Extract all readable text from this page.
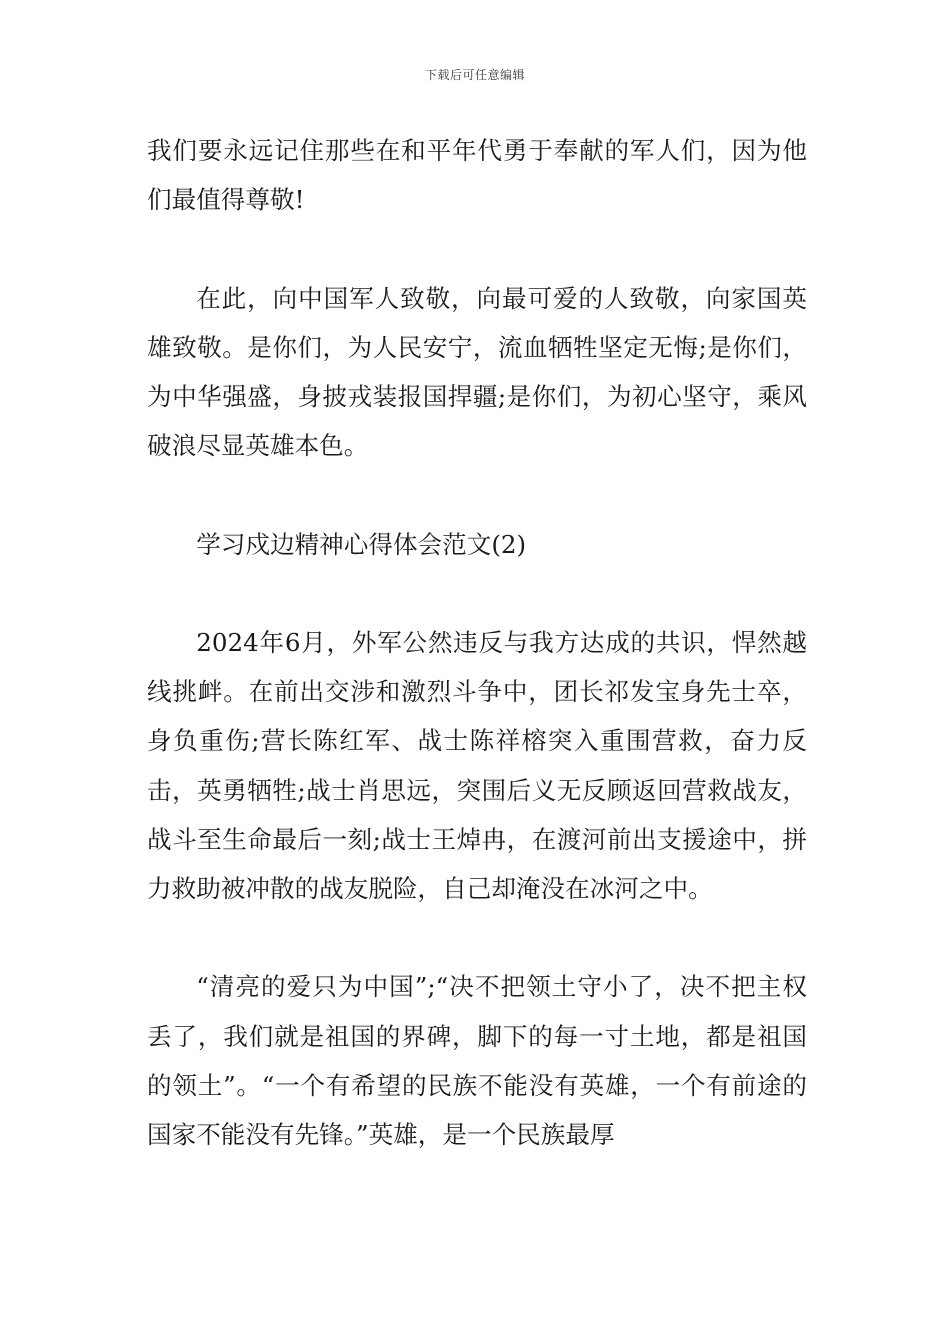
下载后可任意编辑

我们要永远记住那些在和平年代勇于奉献的军人们，因为他们最值得尊敬!

在此，向中国军人致敬，向最可爱的人致敬，向家国英雄致敬。是你们，为人民安宁，流血牺牲坚定无悔;是你们，为中华强盛，身披戎装报国捍疆;是你们，为初心坚守，乘风破浪尽显英雄本色。

学习戍边精神心得体会范文(2)

2024年6月，外军公然违反与我方达成的共识，悍然越线挑衅。在前出交涉和激烈斗争中，团长祁发宝身先士卒，身负重伤;营长陈红军、战士陈祥榕突入重围营救，奋力反击，英勇牺牲;战士肖思远，突围后义无反顾返回营救战友，战斗至生命最后一刻;战士王焯冉，在渡河前出支援途中，拼力救助被冲散的战友脱险，自己却淹没在冰河之中。

“清亮的爱只为中国”;“决不把领土守小了，决不把主权丢了，我们就是祖国的界碑，脚下的每一寸土地，都是祖国的领土”。“一个有希望的民族不能没有英雄，一个有前途的国家不能没有先锋。”英雄，是一个民族最厚
